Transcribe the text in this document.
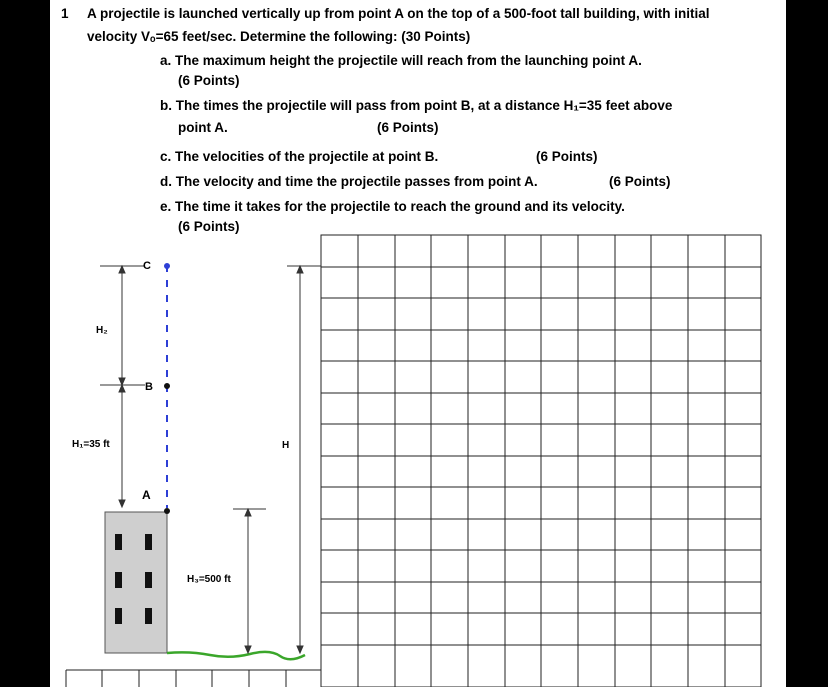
1 A projectile is launched vertically up from point A on the top of a 500-foot tall building, with initial
velocity Vₒ=65 feet/sec. Determine the following: (30 Points)
a. The maximum height the projectile will reach from the launching point A.
(6 Points)
b. The times the projectile will pass from point B, at a distance H₁=35 feet above
point A.	(6 Points)
c. The velocities of the projectile at point B.	(6 Points)
d. The velocity and time the projectile passes from point A.	(6 Points)
e. The time it takes for the projectile to reach the ground and its velocity.
(6 Points)
C
B
A
H₂
H₁=35 ft	H
H₃=500 ft
